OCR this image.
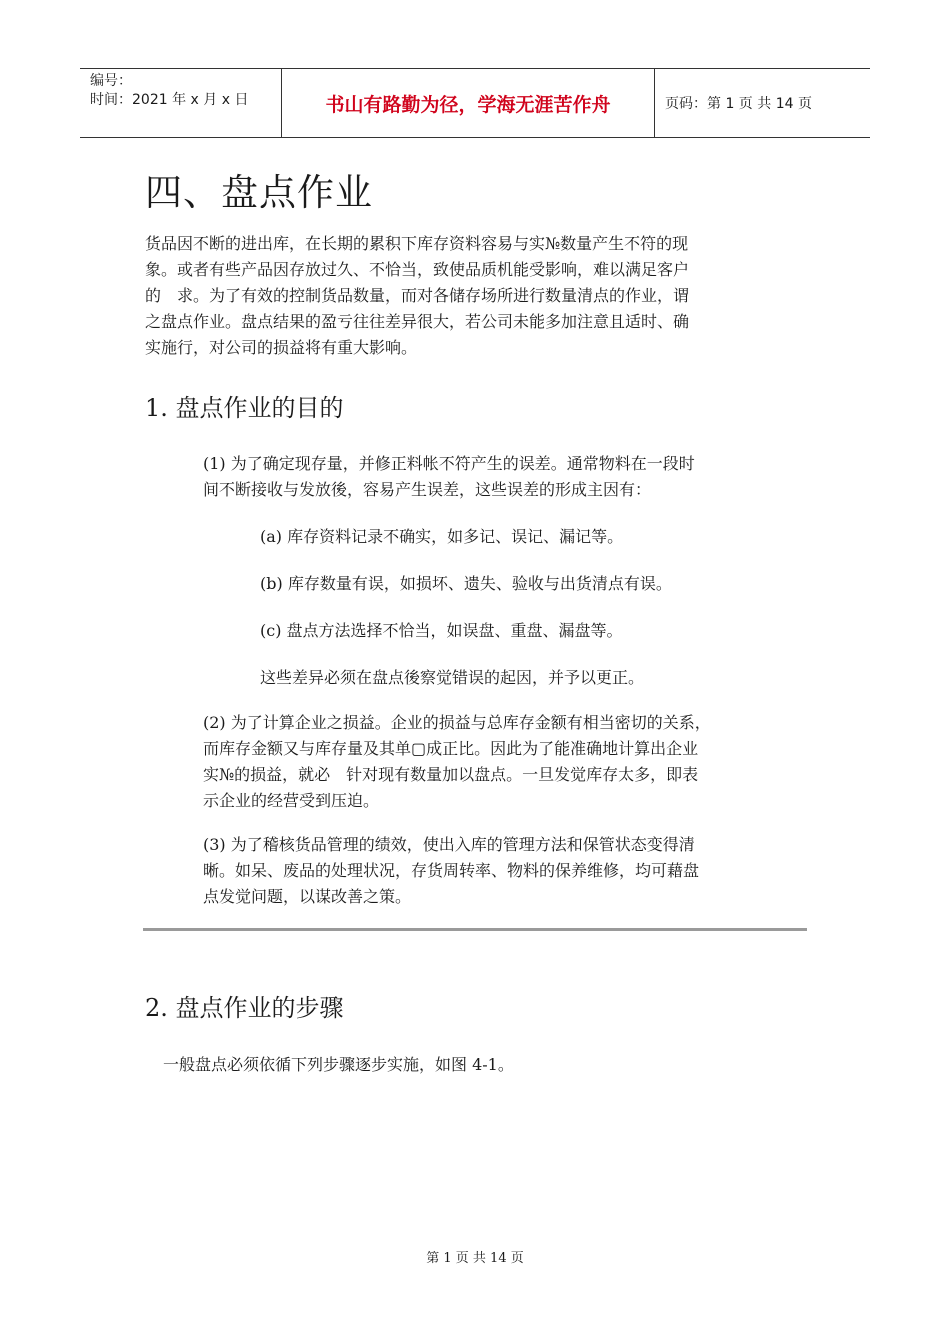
编号：
时间：2021 年 x 月 x 日	书山有路勤为径，学海无涯苦作舟	页码：第 1 页 共 14 页
四、盘点作业
货品因不断的进出库，在长期的累积下库存资料容易与实№数量产生不符的现
象。或者有些产品因存放过久、不恰当，致使品质机能受影响，难以满足客户
的　求。为了有效的控制货品数量，而对各储存场所进行数量清点的作业，谓
之盘点作业。盘点结果的盈亏往往差异很大，若公司未能多加注意且适时、确
实施行，对公司的损益将有重大影响。
1. 盘点作业的目的
(1) 为了确定现存量，并修正料帐不符产生的误差。通常物料在一段时
间不断接收与发放後，容易产生误差，这些误差的形成主因有：
(a) 库存资料记录不确实，如多记、误记、漏记等。
(b) 库存数量有误，如损坏、遗失、验收与出货清点有误。
(c) 盘点方法选择不恰当，如误盘、重盘、漏盘等。
这些差异必须在盘点後察觉错误的起因，并予以更正。
(2) 为了计算企业之损益。企业的损益与总库存金额有相当密切的关系，
而库存金额又与库存量及其单▢成正比。因此为了能准确地计算出企业
实№的损益，就必　针对现有数量加以盘点。一旦发觉库存太多，即表
示企业的经营受到压迫。
(3) 为了稽核货品管理的绩效，使出入库的管理方法和保管状态变得清
晰。如呆、废品的处理状况，存货周转率、物料的保养维修，均可藉盘
点发觉问题，以谋改善之策。
2. 盘点作业的步骤
一般盘点必须依循下列步骤逐步实施，如图 4-1。
第 1 页 共 14 页
